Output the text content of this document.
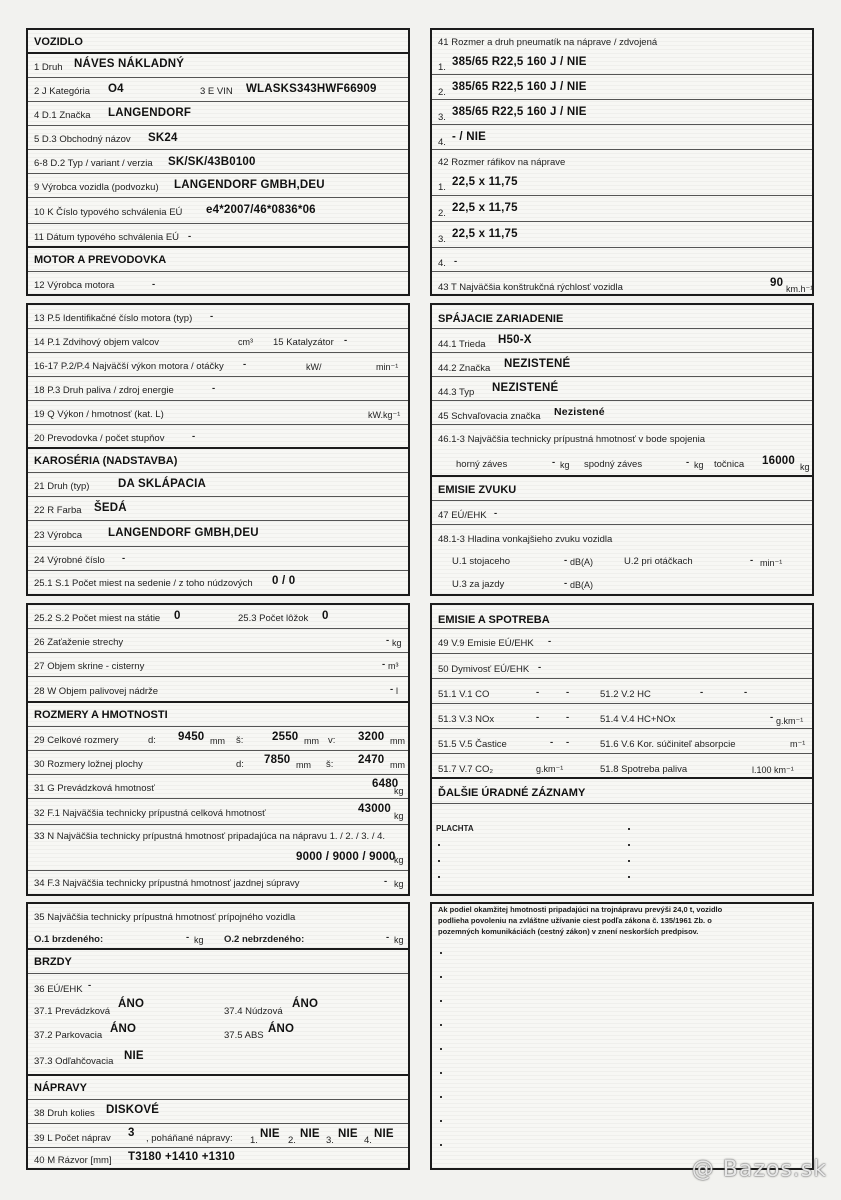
VOZIDLO
1 Druh NÁVES NÁKLADNÝ
2 J Kategória O4	3 E VIN WLASKS343HWF66909
4 D.1 Značka LANGENDORF
5 D.3 Obchodný názov SK24
6-8 D.2 Typ / variant / verzia SK/SK/43B0100
9 Výrobca vozidla (podvozku) LANGENDORF GMBH,DEU
10 K Číslo typového schválenia EÚ e4*2007/46*0836*06
11 Dátum typového schválenia EÚ -
MOTOR A PREVODOVKA
12 Výrobca motora	-
13 P.5 Identifikačné číslo motora (typ) -
14 P.1 Zdvihový objem valcov	cm³ 15 Katalyzátor -
16-17 P.2/P.4 Najväčší výkon motora / otáčky -	kW/	min⁻¹
18 P.3 Druh paliva / zdroj energie	-
19 Q Výkon / hmotnosť (kat. L)	kW.kg⁻¹
20 Prevodovka / počet stupňov	-
KAROSÉRIA (NADSTAVBA)
21 Druh (typ) DA SKLÁPACIA
22 R Farba ŠEDÁ
23 Výrobca LANGENDORF GMBH,DEU
24 Výrobné číslo -
25.1 S.1 Počet miest na sedenie / z toho núdzových 0 / 0
25.2 S.2 Počet miest na státie 0	25.3 Počet lôžok 0
26 Zaťaženie strechy	- kg
27 Objem skrine - cisterny	- m³
28 W Objem palivovej nádrže	- l
ROZMERY A HMOTNOSTI
29 Celkové rozmery	d: 9450 mm š: 2550 mm v: 3200 mm
30 Rozmery ložnej plochy	d: 7850 mm š: 2470 mm
31 G Prevádzková hmotnosť	6480
kg
32 F.1 Najväčšia technicky prípustná celková hmotnosť	43000
kg
33 N Najväčšia technicky prípustná hmotnosť pripadajúca na nápravu 1. / 2. / 3. / 4.
9000 / 9000 / 9000
kg
34 F.3 Najväčšia technicky prípustná hmotnosť jazdnej súpravy	- kg
35 Najväčšia technicky prípustná hmotnosť prípojného vozidla
O.1 brzdeného:	- kg O.2 nebrzdeného:	- kg
BRZDY
36 EÚ/EHK -
37.1 Prevádzková
ÁNO
37.4 Núdzová
ÁNO
37.2 Parkovacia
ÁNO
37.5 ABS
ÁNO
37.3 Odľahčovacia NIE
NÁPRAVY
38 Druh kolies DISKOVÉ
39 L Počet náprav 3 , poháňané nápravy: 1.
NIE
2.
NIE
3.
NIE
4.
NIE
40 M Rázvor [mm] T3180 +1410 +1310
41 Rozmer a druh pneumatík na náprave / zdvojená
1. 385/65 R22,5 160 J / NIE
2. 385/65 R22,5 160 J / NIE
3. 385/65 R22,5 160 J / NIE
4. - / NIE
42 Rozmer ráfikov na náprave
1. 22,5 x 11,75
2. 22,5 x 11,75
3. 22,5 x 11,75
4. -
43 T Najväčšia konštrukčná rýchlosť vozidla	90 km.h⁻¹
SPÁJACIE ZARIADENIE
44.1 Trieda H50-X
44.2 Značka NEZISTENÉ
44.3 Typ NEZISTENÉ
45 Schvaľovacia značka Nezistené
46.1-3 Najväčšia technicky prípustná hmotnosť v bode spojenia
horný záves	- kg spodný záves	- kg točnica 16000 kg
EMISIE ZVUKU
47 EÚ/EHK -
48.1-3 Hladina vonkajšieho zvuku vozidla
U.1 stojaceho	- dB(A)	U.2 pri otáčkach	- min⁻¹
U.3 za jazdy	- dB(A)
EMISIE A SPOTREBA
49 V.9 Emisie EÚ/EHK -
50 Dymivosť EÚ/EHK -
51.1 V.1 CO	-	-	51.2 V.2 HC	-	-
51.3 V.3 NOx	-	-	51.4 V.4 HC+NOx	- g.km⁻¹
51.5 V.5 Častice	- -	51.6 V.6 Kor. súčiniteľ absorpcie	m⁻¹
51.7 V.7 CO₂	g.km⁻¹	51.8 Spotreba paliva	l.100 km⁻¹
ĎALŠIE ÚRADNÉ ZÁZNAMY
PLACHTA
Ak podiel okamžitej hmotnosti pripadajúci na trojnápravu prevýši 24,0 t, vozidlo
podlieha povoleniu na zvláštne užívanie ciest podľa zákona č. 135/1961 Zb. o
pozemných komunikáciách (cestný zákon) v znení neskorších predpisov.
@ Bazos.sk
